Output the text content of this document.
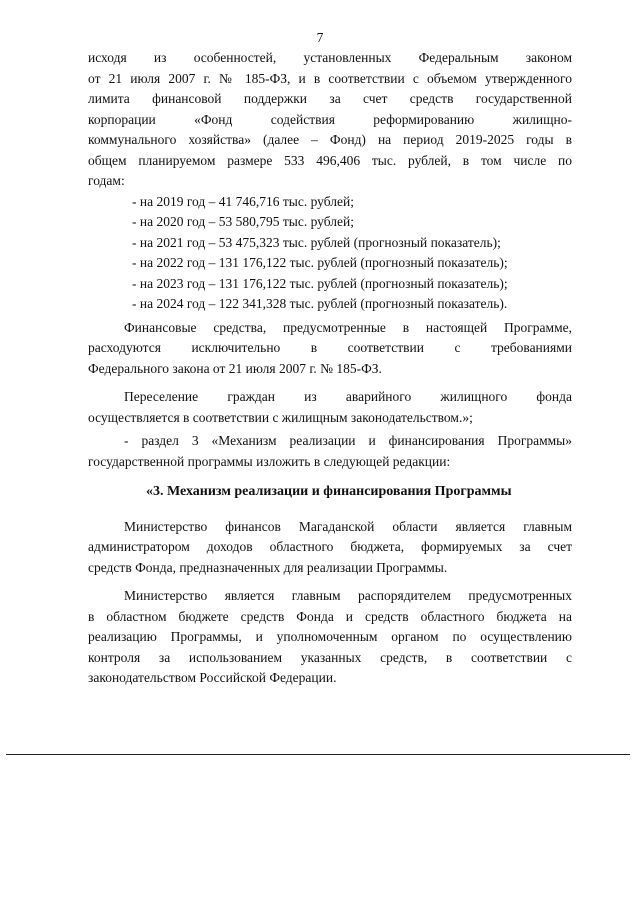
7

исходя из особенностей, установленных Федеральным законом

от 21 июля 2007 г. № 185-ФЗ, и в соответствии с объемом утвержденного

лимита финансовой поддержки за счет средств государственной

корпорации «Фонд содействия реформированию жилищно-

коммунального хозяйства» (далее – Фонд) на период 2019-2025 годы в

общем планируемом размере 533 496,406 тыс. рублей, в том числе по

годам:

- на 2019 год – 41 746,716 тыс. рублей;

- на 2020 год – 53 580,795 тыс. рублей;

- на 2021 год – 53 475,323 тыс. рублей (прогнозный показатель);

- на 2022 год – 131 176,122 тыс. рублей (прогнозный показатель);

- на 2023 год – 131 176,122 тыс. рублей (прогнозный показатель);

- на 2024 год – 122 341,328 тыс. рублей (прогнозный показатель).

Финансовые средства, предусмотренные в настоящей Программе,

расходуются исключительно в соответствии с требованиями

Федерального закона от 21 июля 2007 г. № 185-ФЗ.

Переселение граждан из аварийного жилищного фонда

осуществляется в соответствии с жилищным законодательством.»;

- раздел 3 «Механизм реализации и финансирования Программы»

государственной программы изложить в следующей редакции:

«3. Механизм реализации и финансирования Программы

Министерство финансов Магаданской области является главным

администратором доходов областного бюджета, формируемых за счет

средств Фонда, предназначенных для реализации Программы.

Министерство является главным распорядителем предусмотренных

в областном бюджете средств Фонда и средств областного бюджета на

реализацию Программы, и уполномоченным органом по осуществлению

контроля за использованием указанных средств, в соответствии с

законодательством Российской Федерации.
